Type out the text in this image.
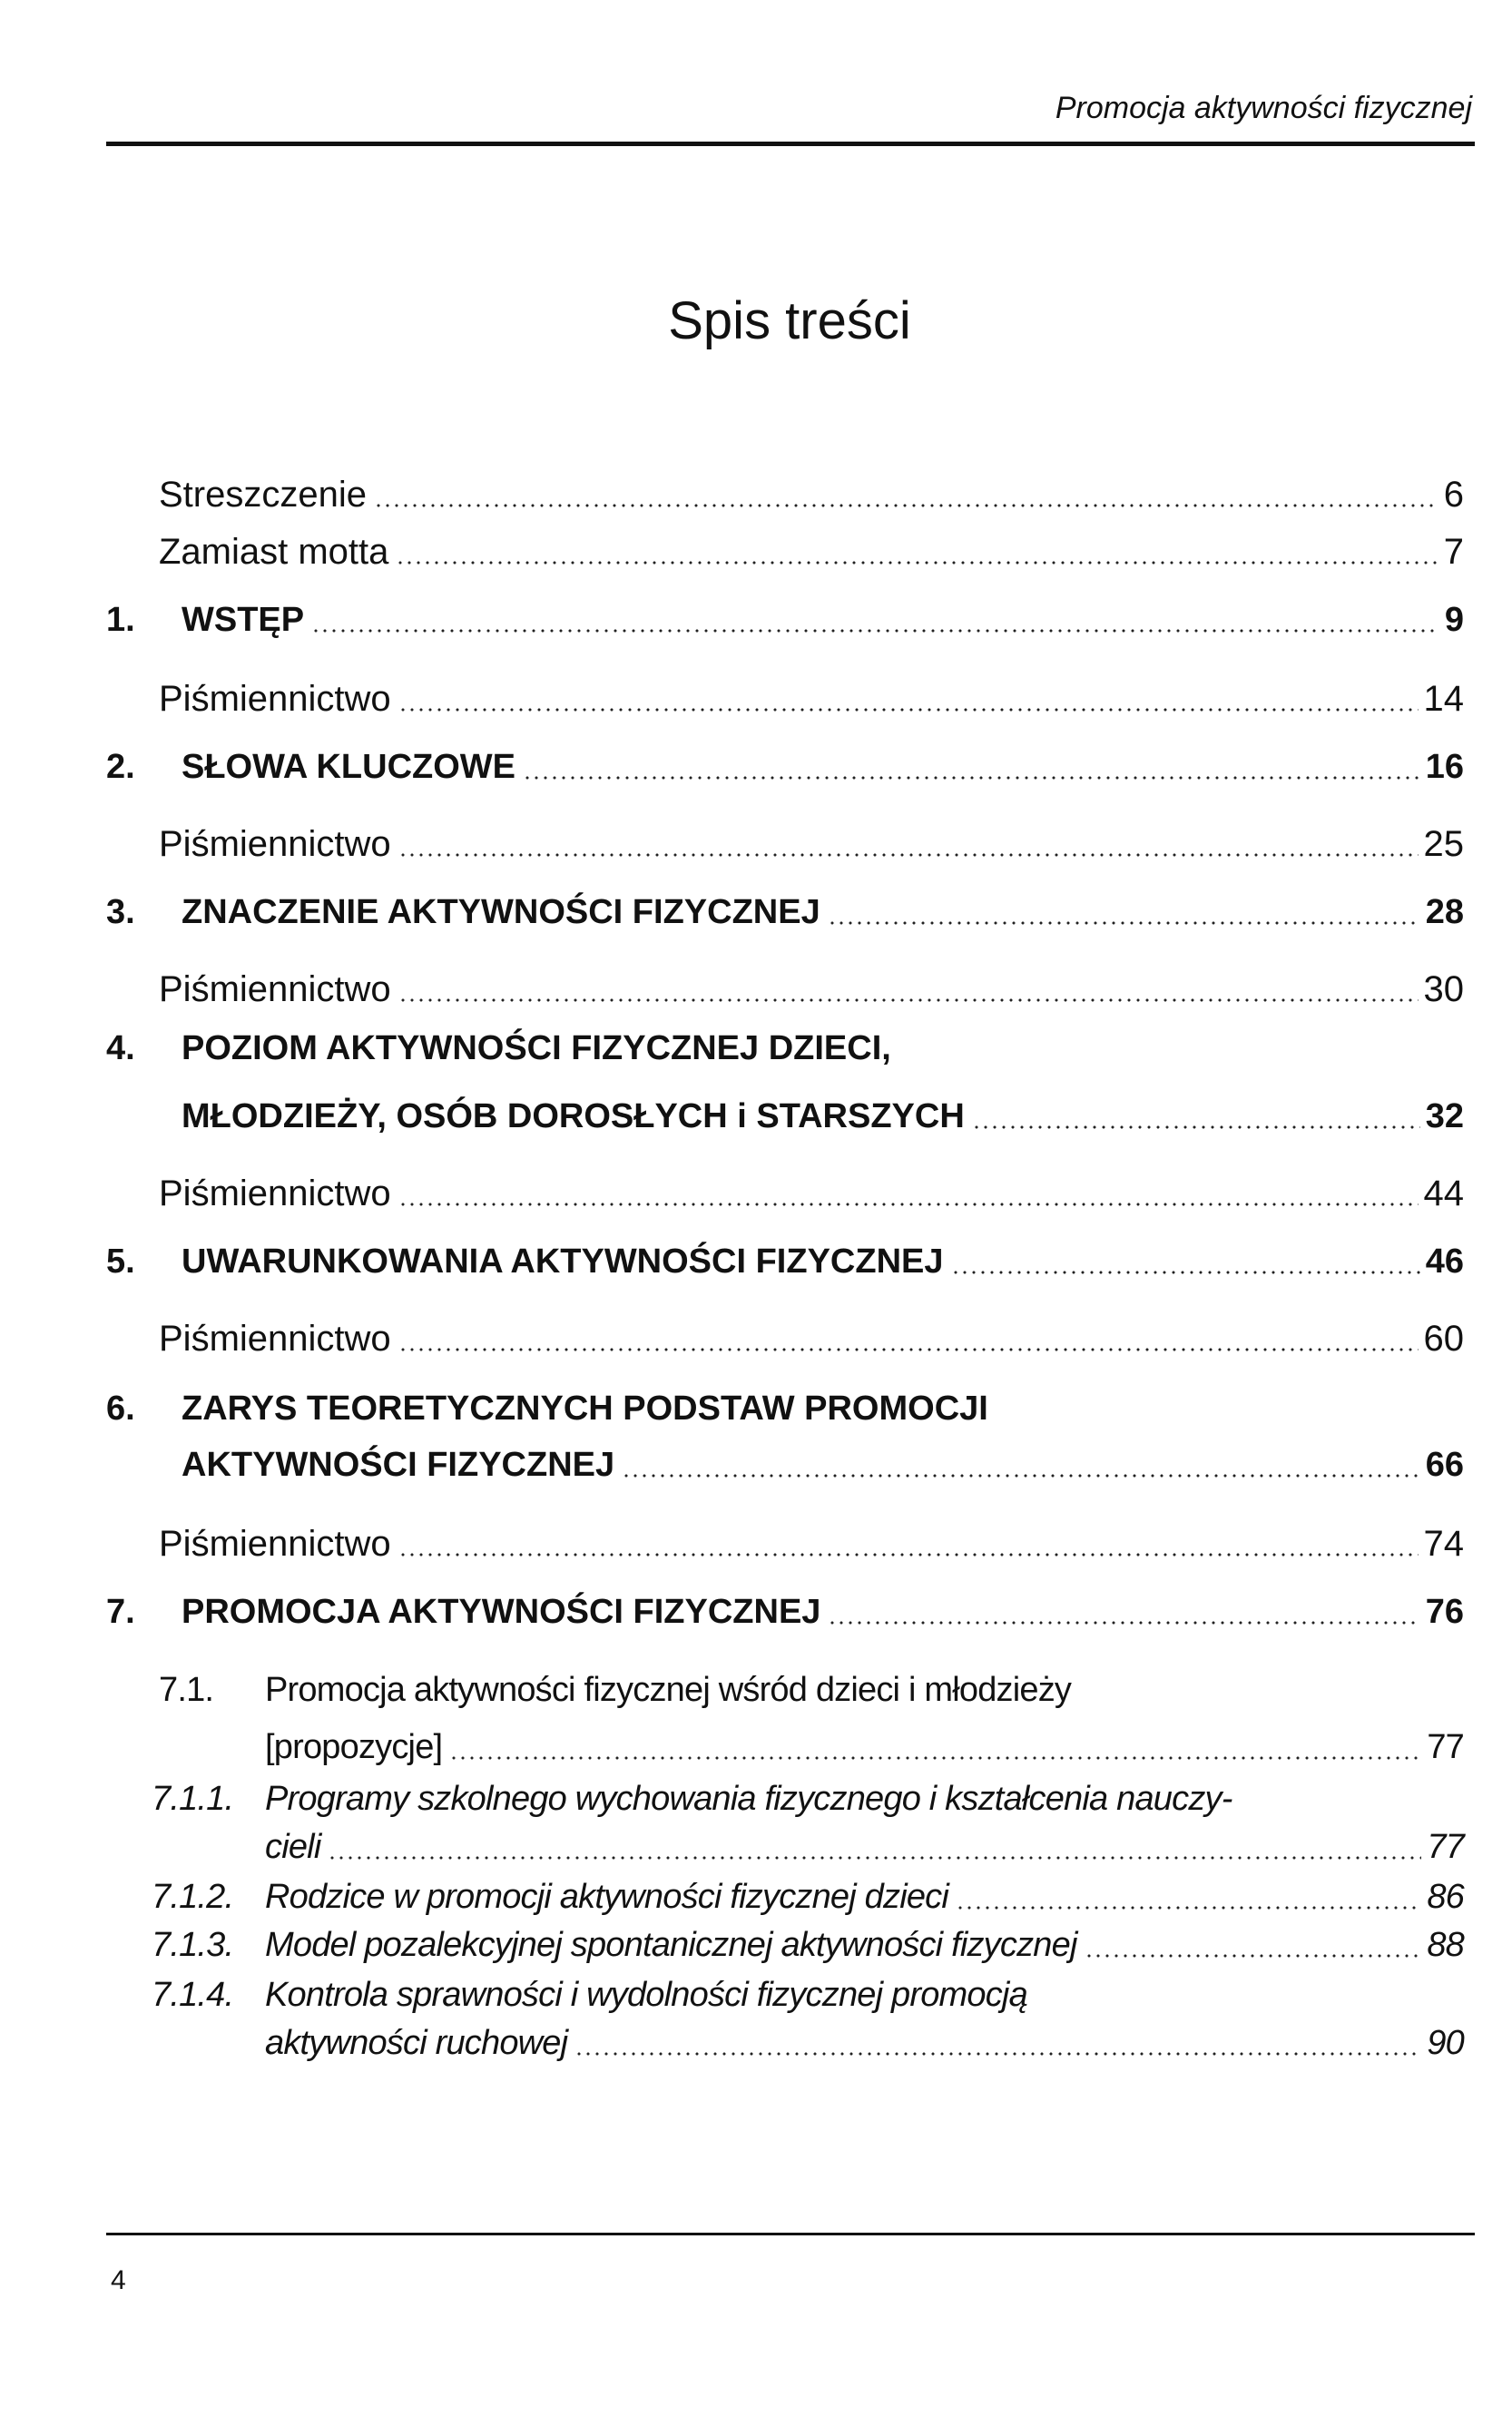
Promocja aktywności fizycznej
Spis treści
Streszczenie	6
Zamiast motta	7
1.	WSTĘP	9
Piśmiennictwo	14
2.	SŁOWA KLUCZOWE	16
Piśmiennictwo	25
3.	ZNACZENIE AKTYWNOŚCI FIZYCZNEJ	28
Piśmiennictwo	30
4.	POZIOM AKTYWNOŚCI FIZYCZNEJ DZIECI,
MŁODZIEŻY, OSÓB DOROSŁYCH i STARSZYCH	32
Piśmiennictwo	44
5.	UWARUNKOWANIA AKTYWNOŚCI FIZYCZNEJ	46
Piśmiennictwo	60
6.	ZARYS TEORETYCZNYCH PODSTAW PROMOCJI
AKTYWNOŚCI FIZYCZNEJ	66
Piśmiennictwo	74
7.	PROMOCJA AKTYWNOŚCI FIZYCZNEJ	76
7.1.	Promocja aktywności fizycznej wśród dzieci i młodzieży
[propozycje]	77
7.1.1. Programy szkolnego wychowania fizycznego i kształcenia nauczy-
cieli	77
7.1.2. Rodzice w promocji aktywności fizycznej dzieci	86
7.1.3. Model pozalekcyjnej spontanicznej aktywności fizycznej	88
7.1.4. Kontrola sprawności i wydolności fizycznej promocją
aktywności ruchowej	90
4
